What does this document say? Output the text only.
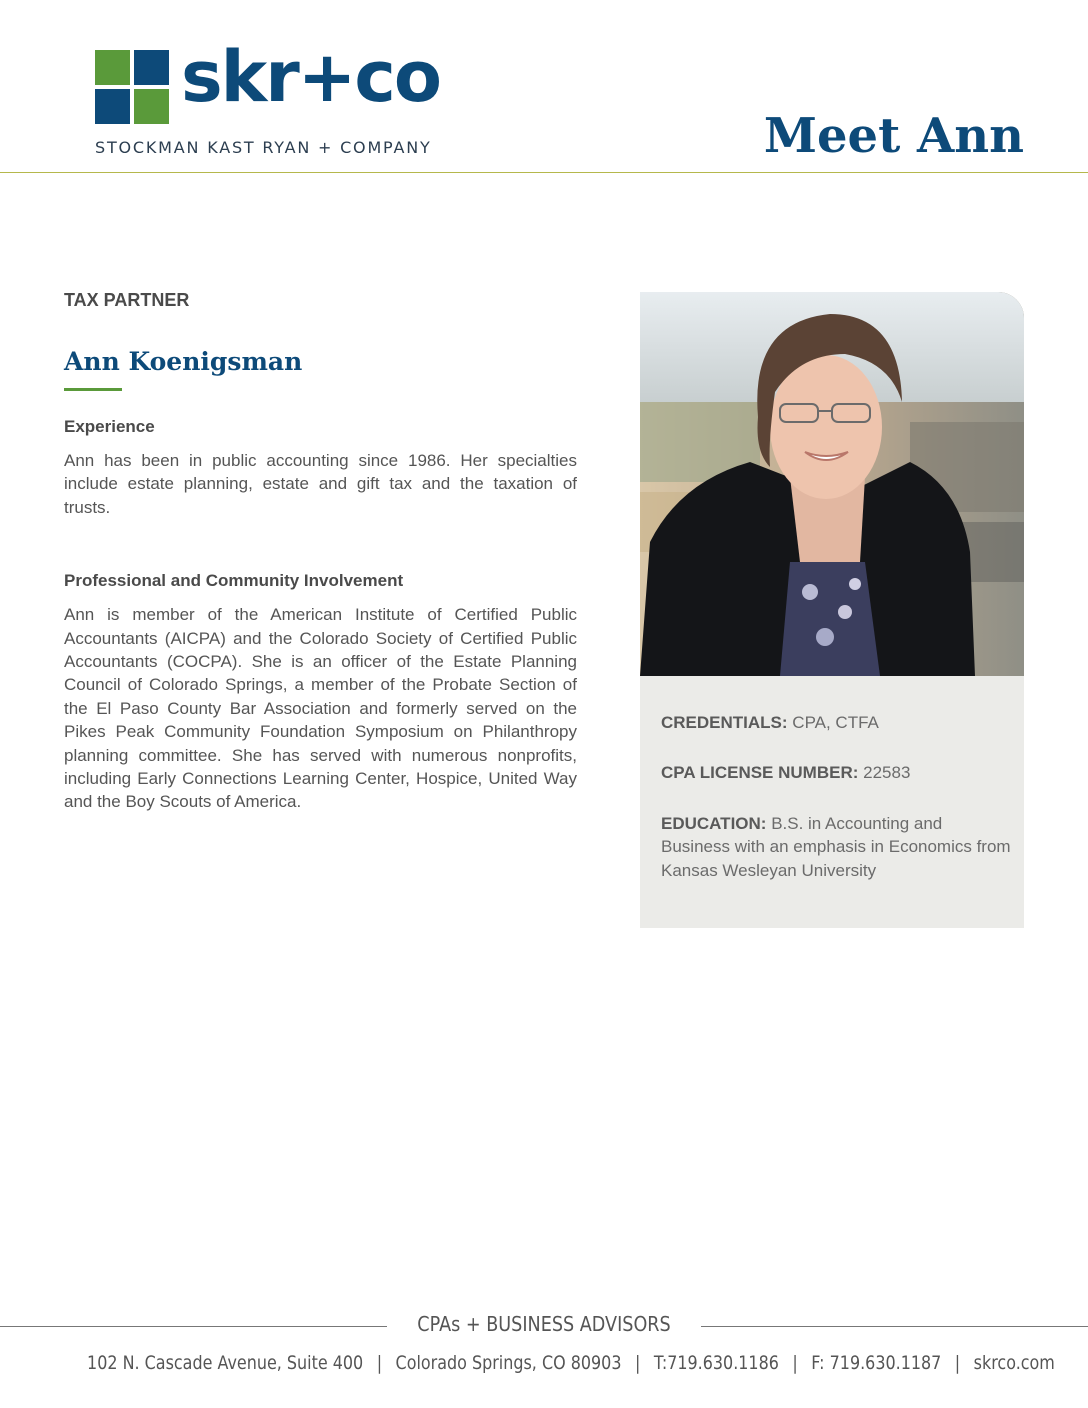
skr+co
STOCKMAN KAST RYAN + COMPANY	Meet Ann

TAX PARTNER

Ann Koenigsman

Experience

Ann has been in public accounting since 1986. Her specialties include estate planning, estate and gift tax and the taxation of trusts.

Professional and Community Involvement

Ann is member of the American Institute of Certified Public Accountants (AICPA) and the Colorado Society of Certified Public Accountants (COCPA). She is an officer of the Estate Planning Council of Colorado Springs, a member of the Probate Section of the El Paso County Bar Association and formerly served on the Pikes Peak Community Foundation Symposium on Philanthropy planning committee. She has served with numerous nonprofits, including Early Connections Learning Center, Hospice, United Way and the Boy Scouts of America.

CREDENTIALS: CPA, CTFA

CPA LICENSE NUMBER: 22583

EDUCATION: B.S. in Accounting and Business with an emphasis in Economics from Kansas Wesleyan University

CPAs + BUSINESS ADVISORS
102 N. Cascade Avenue, Suite 400 | Colorado Springs, CO 80903 | T:719.630.1186 | F: 719.630.1187 | skrco.com
